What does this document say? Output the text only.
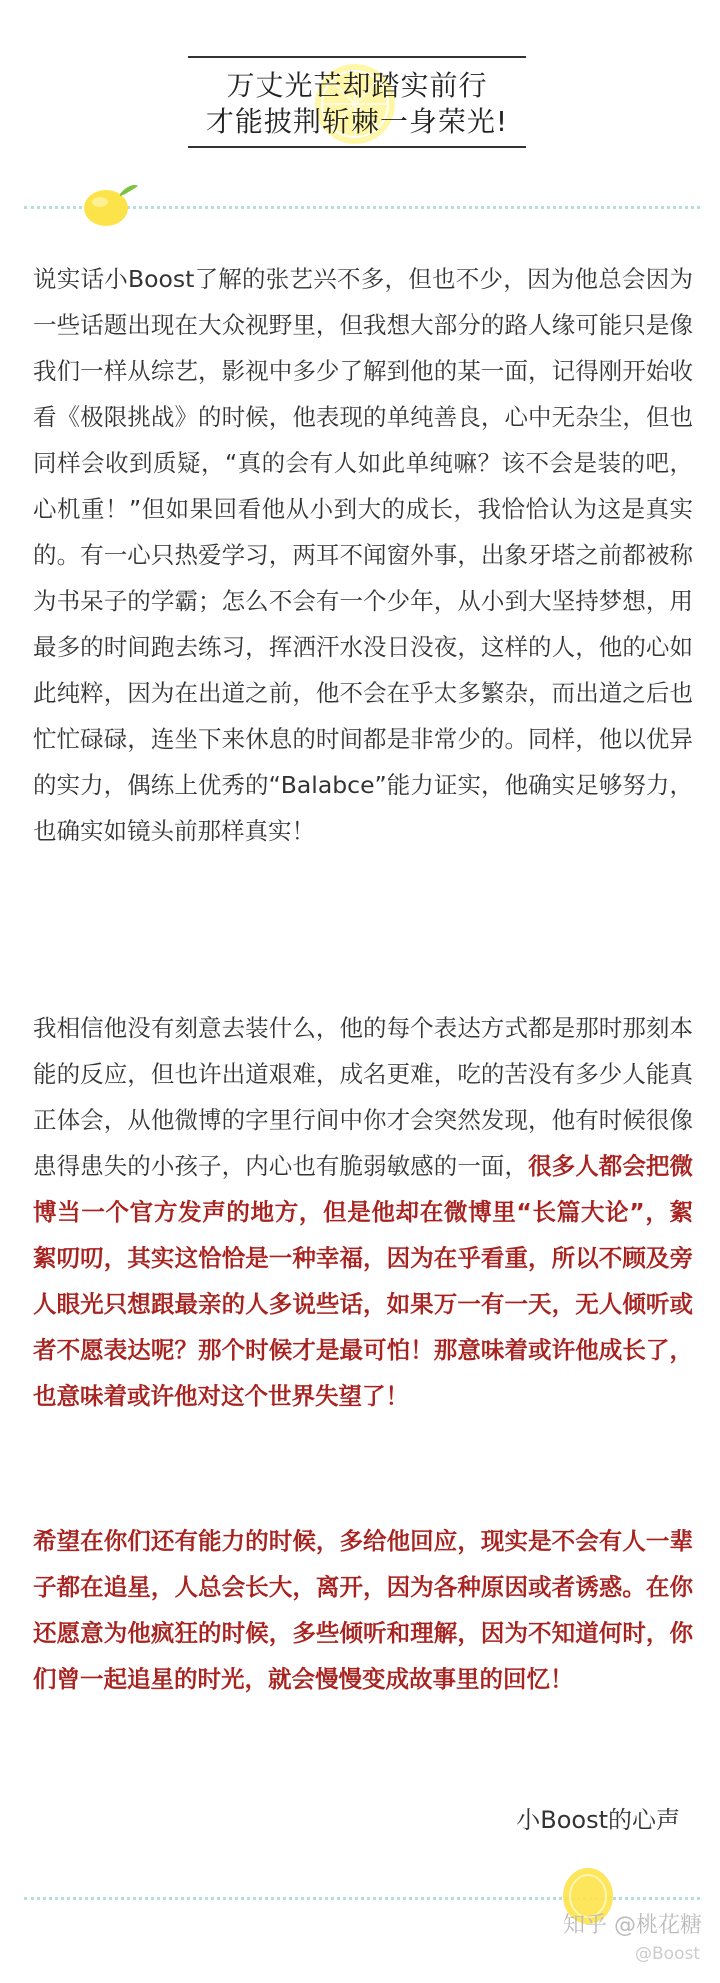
万丈光芒却踏实前行
才能披荆斩棘一身荣光!
说实话小Boost了解的张艺兴不多，但也不少，因为他总会因为一些话题出现在大众视野里，但我想大部分的路人缘可能只是像我们一样从综艺，影视中多少了解到他的某一面，记得刚开始收看《极限挑战》的时候，他表现的单纯善良，心中无杂尘，但也同样会收到质疑，“真的会有人如此单纯嘛？该不会是装的吧，心机重！”但如果回看他从小到大的成长，我恰恰认为这是真实的。有一心只热爱学习，两耳不闻窗外事，出象牙塔之前都被称为书呆子的学霸；怎么不会有一个少年，从小到大坚持梦想，用最多的时间跑去练习，挥洒汗水没日没夜，这样的人，他的心如此纯粹，因为在出道之前，他不会在乎太多繁杂，而出道之后也忙忙碌碌，连坐下来休息的时间都是非常少的。同样，他以优异的实力，偶练上优秀的“Balabce”能力证实，他确实足够努力，也确实如镜头前那样真实！
我相信他没有刻意去装什么，他的每个表达方式都是那时那刻本能的反应，但也许出道艰难，成名更难，吃的苦没有多少人能真正体会，从他微博的字里行间中你才会突然发现，他有时候很像患得患失的小孩子，内心也有脆弱敏感的一面，很多人都会把微博当一个官方发声的地方，但是他却在微博里“长篇大论”，絮絮叨叨，其实这恰恰是一种幸福，因为在乎看重，所以不顾及旁人眼光只想跟最亲的人多说些话，如果万一有一天，无人倾听或者不愿表达呢？那个时候才是最可怕！那意味着或许他成长了，也意味着或许他对这个世界失望了！
希望在你们还有能力的时候，多给他回应，现实是不会有人一辈子都在追星，人总会长大，离开，因为各种原因或者诱惑。在你还愿意为他疯狂的时候，多些倾听和理解，因为不知道何时，你们曾一起追星的时光，就会慢慢变成故事里的回忆！
小Boost的心声
知乎 @桃花糖
@Boost
